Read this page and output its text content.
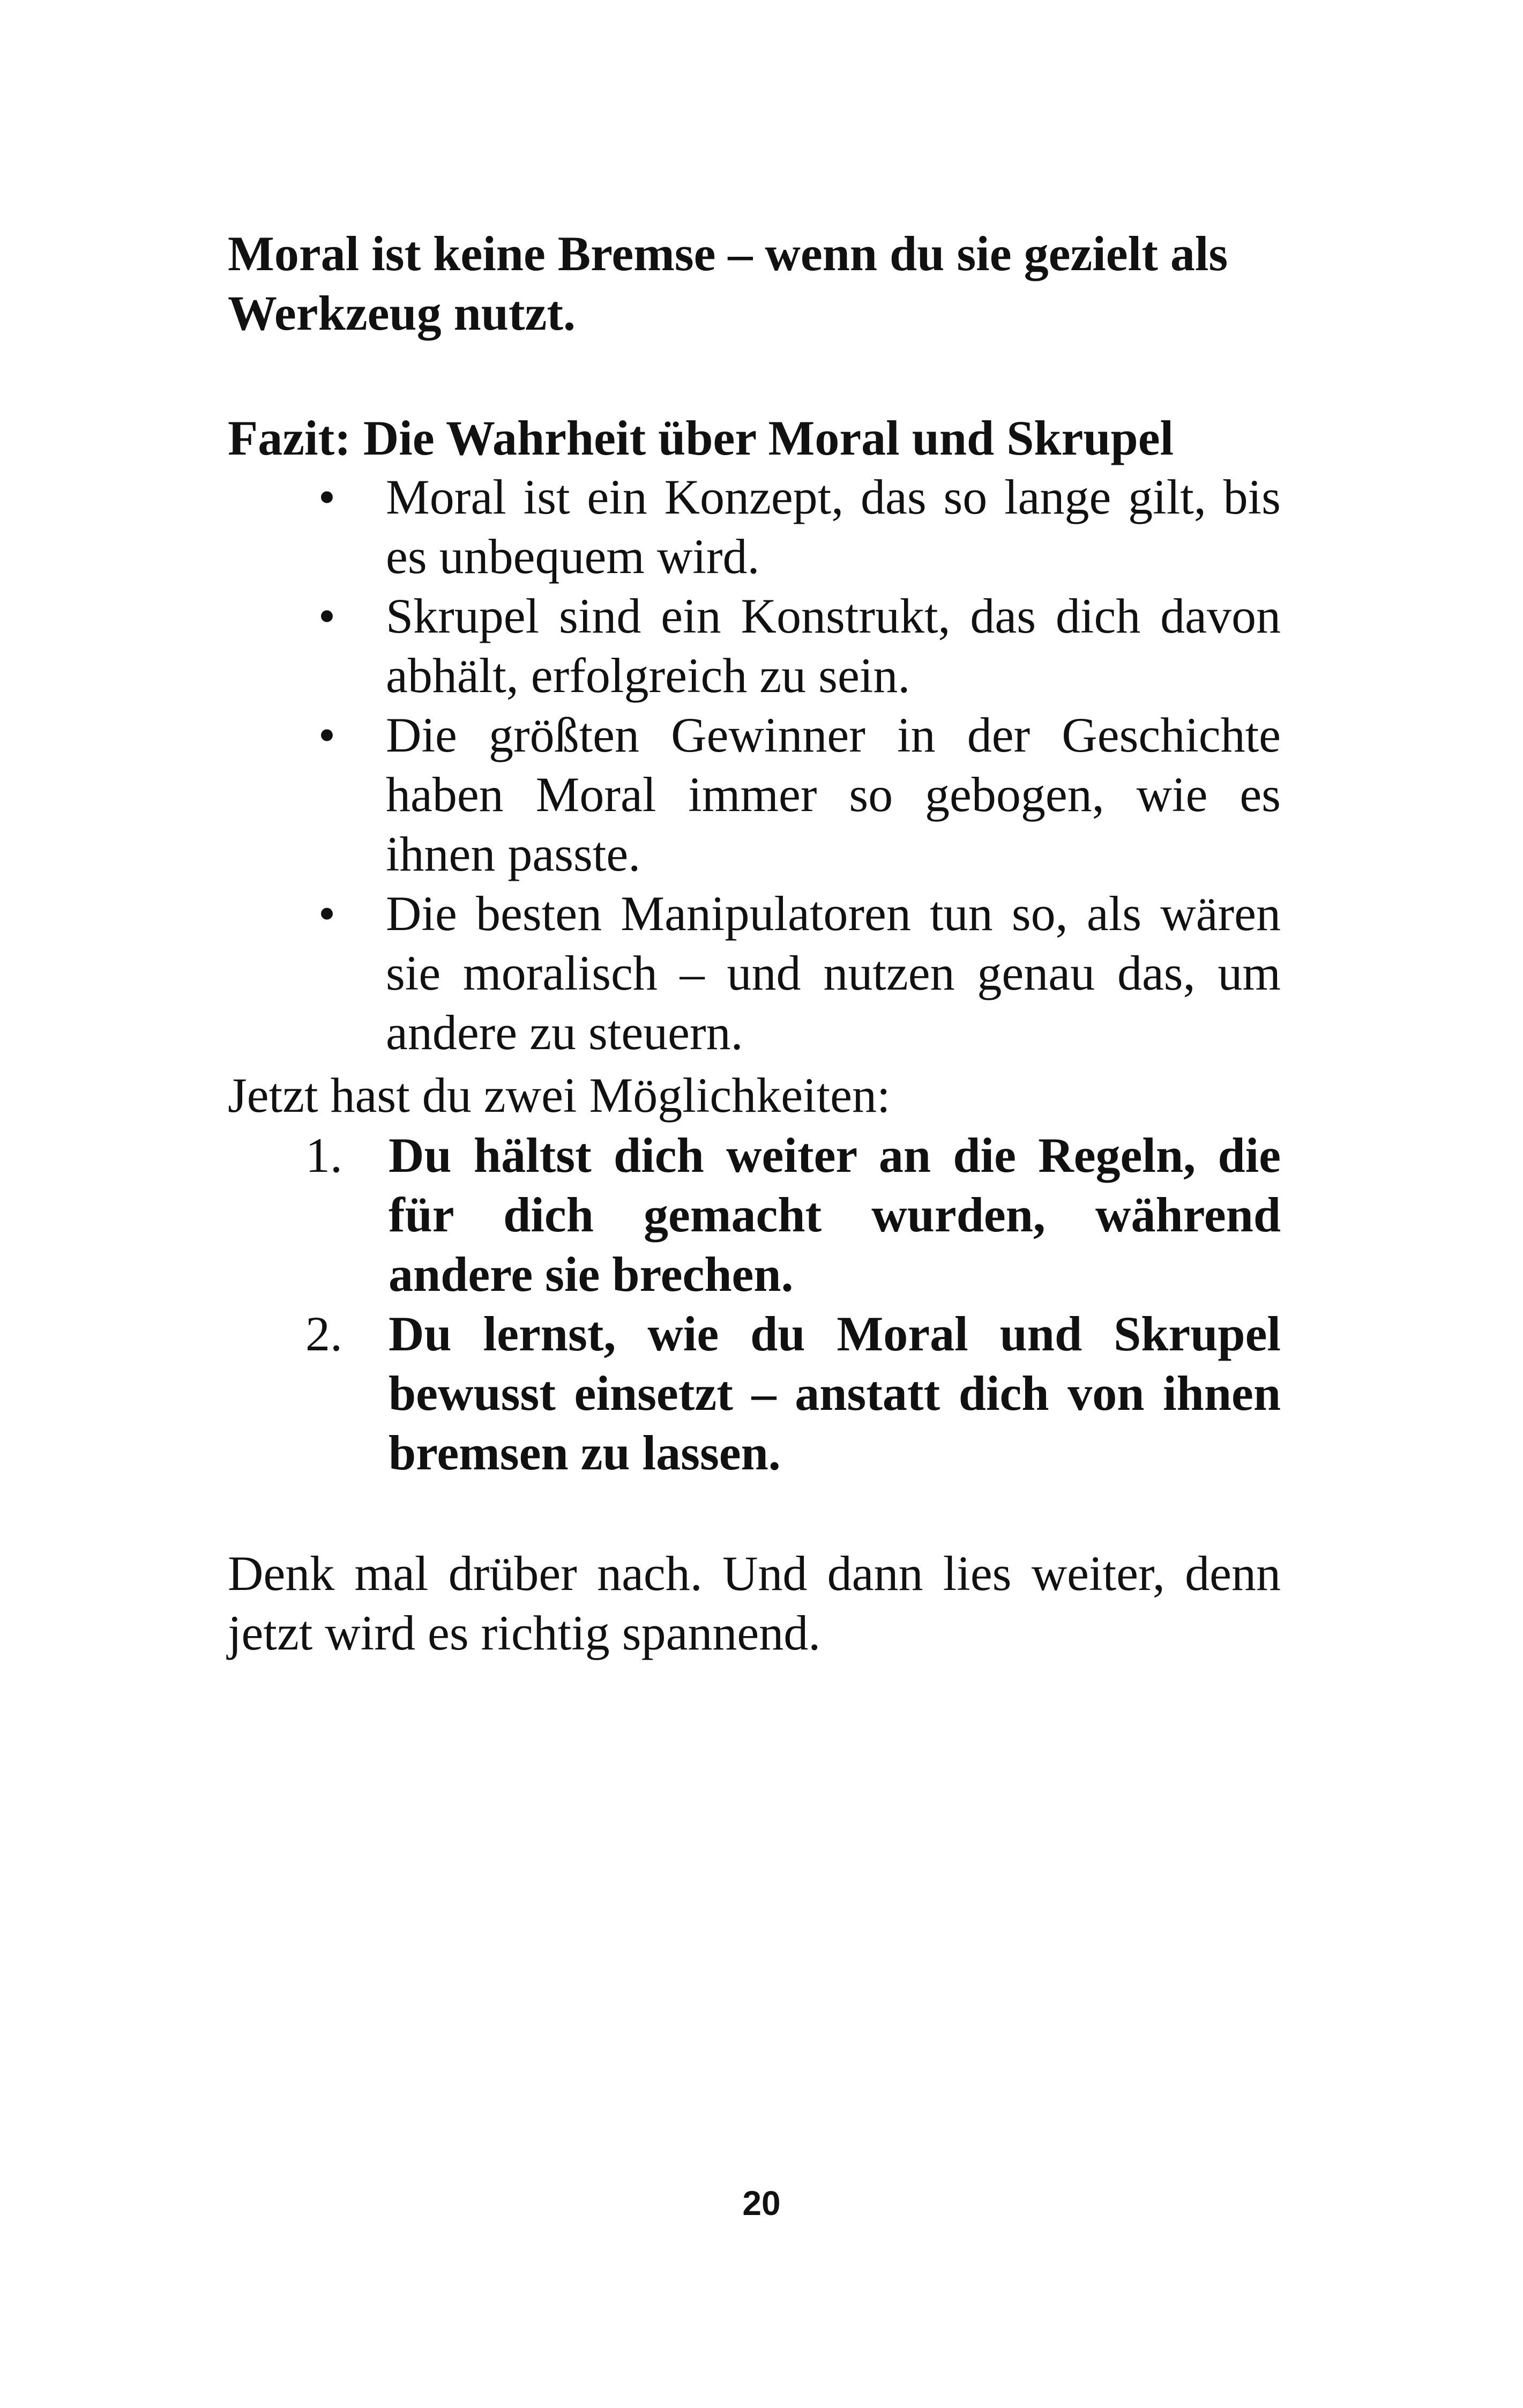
Moral ist keine Bremse – wenn du sie gezielt als Werkzeug nutzt.
Fazit: Die Wahrheit über Moral und Skrupel
• Moral ist ein Konzept, das so lange gilt, bis es unbequem wird.
• Skrupel sind ein Konstrukt, das dich davon abhält, erfolgreich zu sein.
• Die größten Gewinner in der Geschichte haben Moral immer so gebogen, wie es ihnen passte.
• Die besten Manipulatoren tun so, als wären sie moralisch – und nutzen genau das, um andere zu steuern.
Jetzt hast du zwei Möglichkeiten:
1. Du hältst dich weiter an die Regeln, die für dich gemacht wurden, während andere sie brechen.
2. Du lernst, wie du Moral und Skrupel bewusst einsetzt – anstatt dich von ihnen bremsen zu lassen.
Denk mal drüber nach. Und dann lies weiter, denn jetzt wird es richtig spannend.
20
